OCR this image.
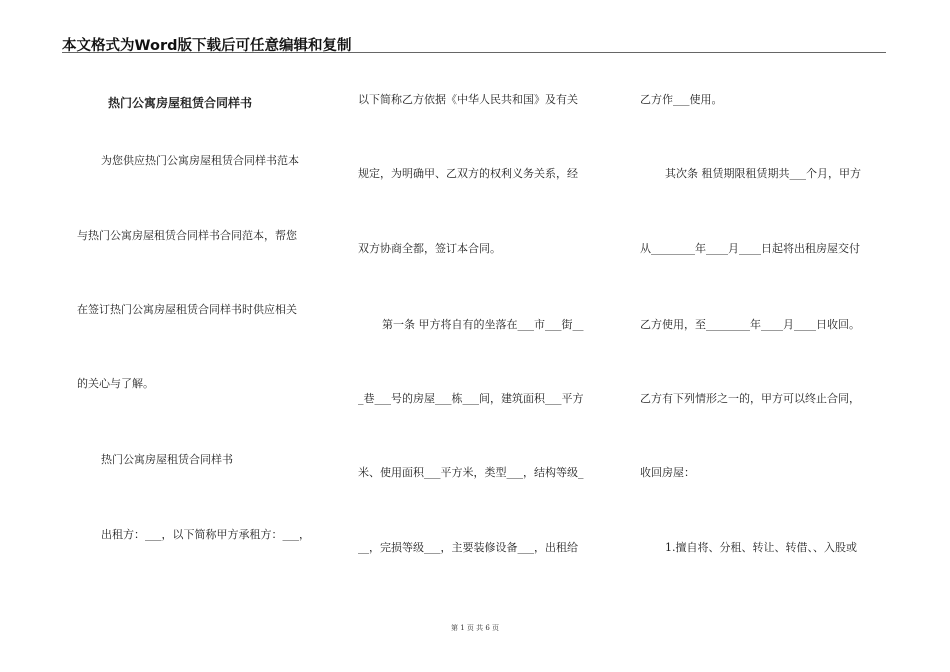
本文格式为Word版下载后可任意编辑和复制
热门公寓房屋租赁合同样书
为您供应热门公寓房屋租赁合同样书范本
与热门公寓房屋租赁合同样书合同范本，帮您
在签订热门公寓房屋租赁合同样书时供应相关
的关心与了解。
热门公寓房屋租赁合同样书
出租方：___，以下简称甲方承租方：___，
以下简称乙方依据《中华人民共和国》及有关
规定，为明确甲、乙双方的权利义务关系，经
双方协商全都，签订本合同。
第一条 甲方将自有的坐落在___市___街__
_巷___号的房屋___栋___间，建筑面积___平方
米、使用面积___平方米，类型___，结构等级_
__，完损等级___，主要装修设备___，出租给
乙方作___使用。
其次条 租赁期限租赁期共___个月，甲方
从________年____月____日起将出租房屋交付
乙方使用，至________年____月____日收回。
乙方有下列情形之一的，甲方可以终止合同，
收回房屋：
1.擅自将、分租、转让、转借、、入股或
第 1 页 共 6 页
